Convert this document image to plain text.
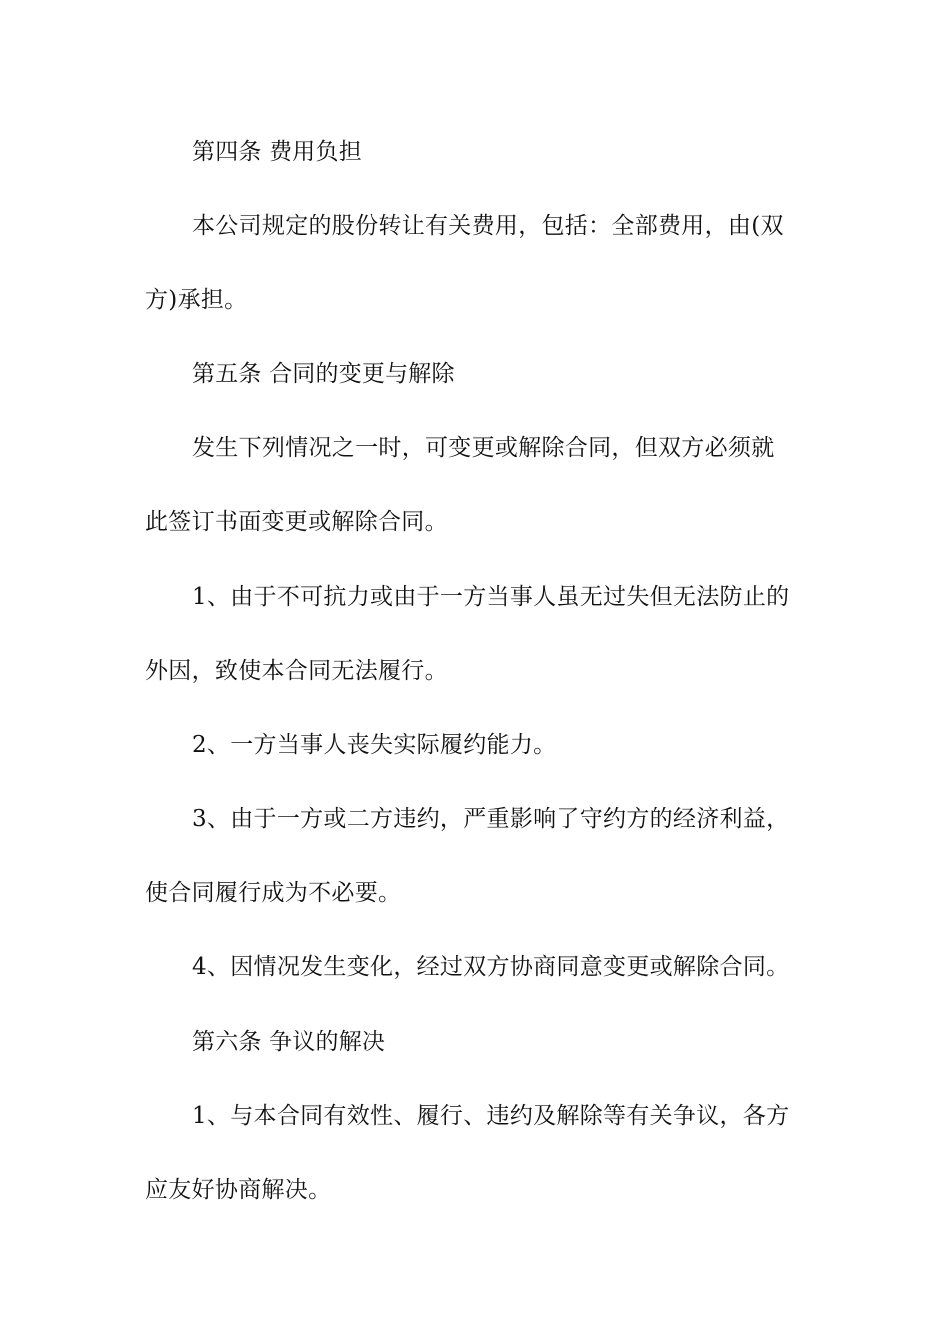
第四条 费用负担
本公司规定的股份转让有关费用，包括：全部费用，由(双
方)承担。
第五条 合同的变更与解除
发生下列情况之一时，可变更或解除合同，但双方必须就
此签订书面变更或解除合同。
1、由于不可抗力或由于一方当事人虽无过失但无法防止的
外因，致使本合同无法履行。
2、一方当事人丧失实际履约能力。
3、由于一方或二方违约，严重影响了守约方的经济利益，
使合同履行成为不必要。
4、因情况发生变化，经过双方协商同意变更或解除合同。
第六条 争议的解决
1、与本合同有效性、履行、违约及解除等有关争议，各方
应友好协商解决。
